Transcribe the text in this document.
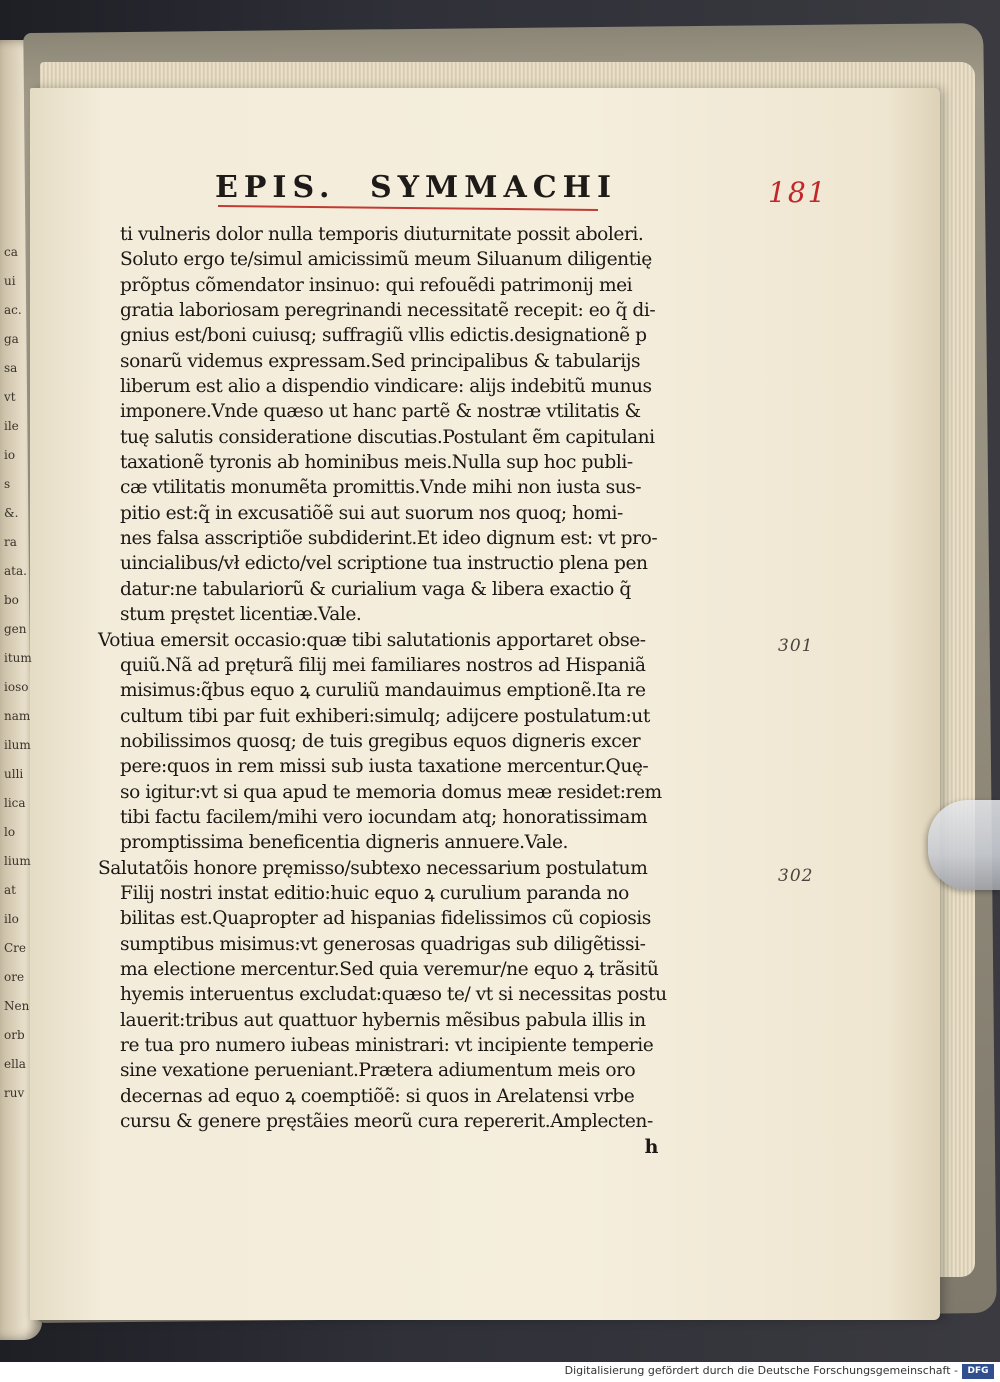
EPIS. SYMMACHI	181
ti vulneris dolor nulla temporis diuturnitate possit aboleri.
Soluto ergo te/simul amicissimũ meum Siluanum diligentię
prõptus cõmendator insinuo: qui refouẽdi patrimonij mei
gratia laboriosam peregrinandi necessitatẽ recepit: eo q̃ di-
gnius est/boni cuiusq; suffragiũ vllis edictis.designationẽ p
sonarũ videmus expressam.Sed principalibus & tabularijs
liberum est alio a dispendio vindicare: alijs indebitũ munus
imponere.Vnde quæso ut hanc partẽ & nostræ vtilitatis &
tuę salutis consideratione discutias.Postulant ẽm capitulani
taxationẽ tyronis ab hominibus meis.Nulla sup hoc publi-
cæ vtilitatis monumẽta promittis.Vnde mihi non iusta sus-
pitio est:q̃ in excusatiõẽ sui aut suorum nos quoq; homi-
nes falsa asscriptiõe subdiderint.Et ideo dignum est: vt pro-
uincialibus/vł edicto/vel scriptione tua instructio plena pen
datur:ne tabulariorũ & curialium vaga & libera exactio q̃
stum pręstet licentiæ.Vale.
Votiua emersit occasio:quæ tibi salutationis apportaret obse-
quiũ.Nã ad pręturã filij mei familiares nostros ad Hispaniã
misimus:q̃bus equo ꝝ curuliũ mandauimus emptionẽ.Ita re
cultum tibi par fuit exhiberi:simulq; adijcere postulatum:ut
nobilissimos quosq; de tuis gregibus equos digneris excer
pere:quos in rem missi sub iusta taxatione mercentur.Quę-
so igitur:vt si qua apud te memoria domus meæ residet:rem
tibi factu facilem/mihi vero iocundam atq; honoratissimam
promptissima beneficentia digneris annuere.Vale.
Salutatõis honore pręmisso/subtexo necessarium postulatum
Filij nostri instat editio:huic equo ꝝ curulium paranda no
bilitas est.Quapropter ad hispanias fidelissimos cũ copiosis
sumptibus misimus:vt generosas quadrigas sub diligẽtissi-
ma electione mercentur.Sed quia veremur/ne equo ꝝ trãsitũ
hyemis interuentus excludat:quæso te/ vt si necessitas postu
lauerit:tribus aut quattuor hybernis mẽsibus pabula illis in
re tua pro numero iubeas ministrari: vt incipiente temperie
sine vexatione perueniant.Prætera adiumentum meis oro
decernas ad equo ꝝ coemptiõẽ: si quos in Arelatensi vrbe
cursu & genere pręstãies meorũ cura repererit.Amplecten-
h
301
302
ca
ui
ac.
ga
sa
vt
ile
io
s
&.
ra
ata.
bo
gen
itum
ioso
nam
ilum
ulli
lica
lo
lium
at
ilo
Cre
ore
Nen
orb
ella
ruv
Digitalisierung gefördert durch die Deutsche Forschungsgemeinschaft -	DFG
